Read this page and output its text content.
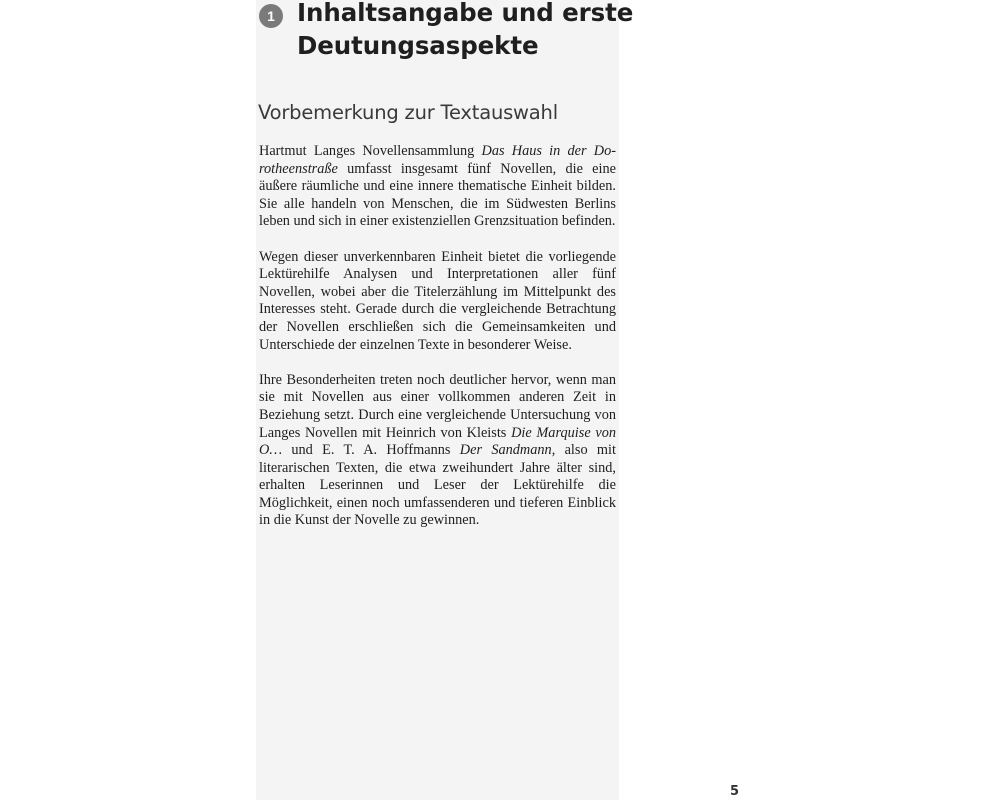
1 Inhaltsangabe und erste Deutungsaspekte
Vorbemerkung zur Textauswahl

Hartmut Langes Novellensammlung Das Haus in der Dorotheenstraße umfasst insgesamt fünf Novellen, die eine äußere räumliche und eine innere thematische Einheit bilden. Sie alle handeln von Menschen, die im Südwesten Berlins leben und sich in einer existenziellen Grenzsituation befinden.

Wegen dieser unverkennbaren Einheit bietet die vorliegende Lektürehilfe Analysen und Interpretationen aller fünf Novellen, wobei aber die Titelerzählung im Mittelpunkt des Interesses steht. Gerade durch die vergleichende Betrachtung der Novellen erschließen sich die Gemeinsamkeiten und Unterschiede der einzelnen Texte in besonderer Weise.

Ihre Besonderheiten treten noch deutlicher hervor, wenn man sie mit Novellen aus einer vollkommen anderen Zeit in Beziehung setzt. Durch eine vergleichende Untersuchung von Langes Novellen mit Heinrich von Kleists Die Marquise von O… und E. T. A. Hoffmanns Der Sandmann, also mit literarischen Texten, die etwa zweihundert Jahre älter sind, erhalten Leserinnen und Leser der Lektürehilfe die Möglichkeit, einen noch umfassenderen und tieferen Einblick in die Kunst der Novelle zu gewinnen.

5
